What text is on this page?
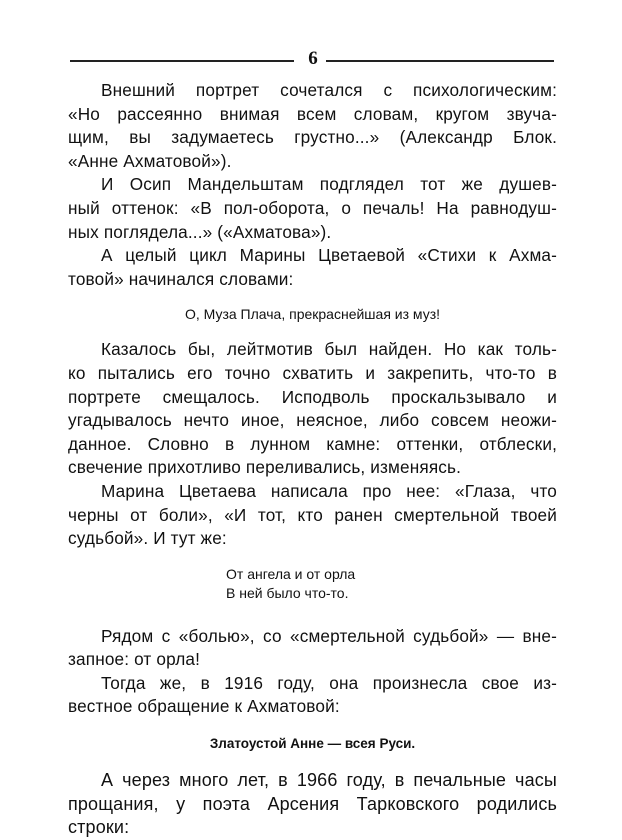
6

Внешний портрет сочетался с психологическим:
«Но рассеянно внимая всем словам, кругом звуча-
щим, вы задумаетесь грустно...» (Александр Блок.
«Анне Ахматовой»).

И Осип Мандельштам подглядел тот же душев-
ный оттенок: «В пол-оборота, о печаль! На равнодуш-
ных поглядела...» («Ахматова»).

А целый цикл Марины Цветаевой «Стихи к Ахма-
товой» начинался словами:

О, Муза Плача, прекраснейшая из муз!

Казалось бы, лейтмотив был найден. Но как толь-
ко пытались его точно схватить и закрепить, что-то в
портрете смещалось. Исподволь проскальзывало и
угадывалось нечто иное, неясное, либо совсем неожи-
данное. Словно в лунном камне: оттенки, отблески,
свечение прихотливо переливались, изменяясь.

Марина Цветаева написала про нее: «Глаза, что
черны от боли», «И тот, кто ранен смертельной твоей
судьбой». И тут же:

От ангела и от орла
В ней было что-то.

Рядом с «болью», со «смертельной судьбой» — вне-
запное: от орла!

Тогда же, в 1916 году, она произнесла свое из-
вестное обращение к Ахматовой:

Златоустой Анне — всея Руси.

А через много лет, в 1966 году, в печальные часы
прощания, у поэта Арсения Тарковского родились
строки:
